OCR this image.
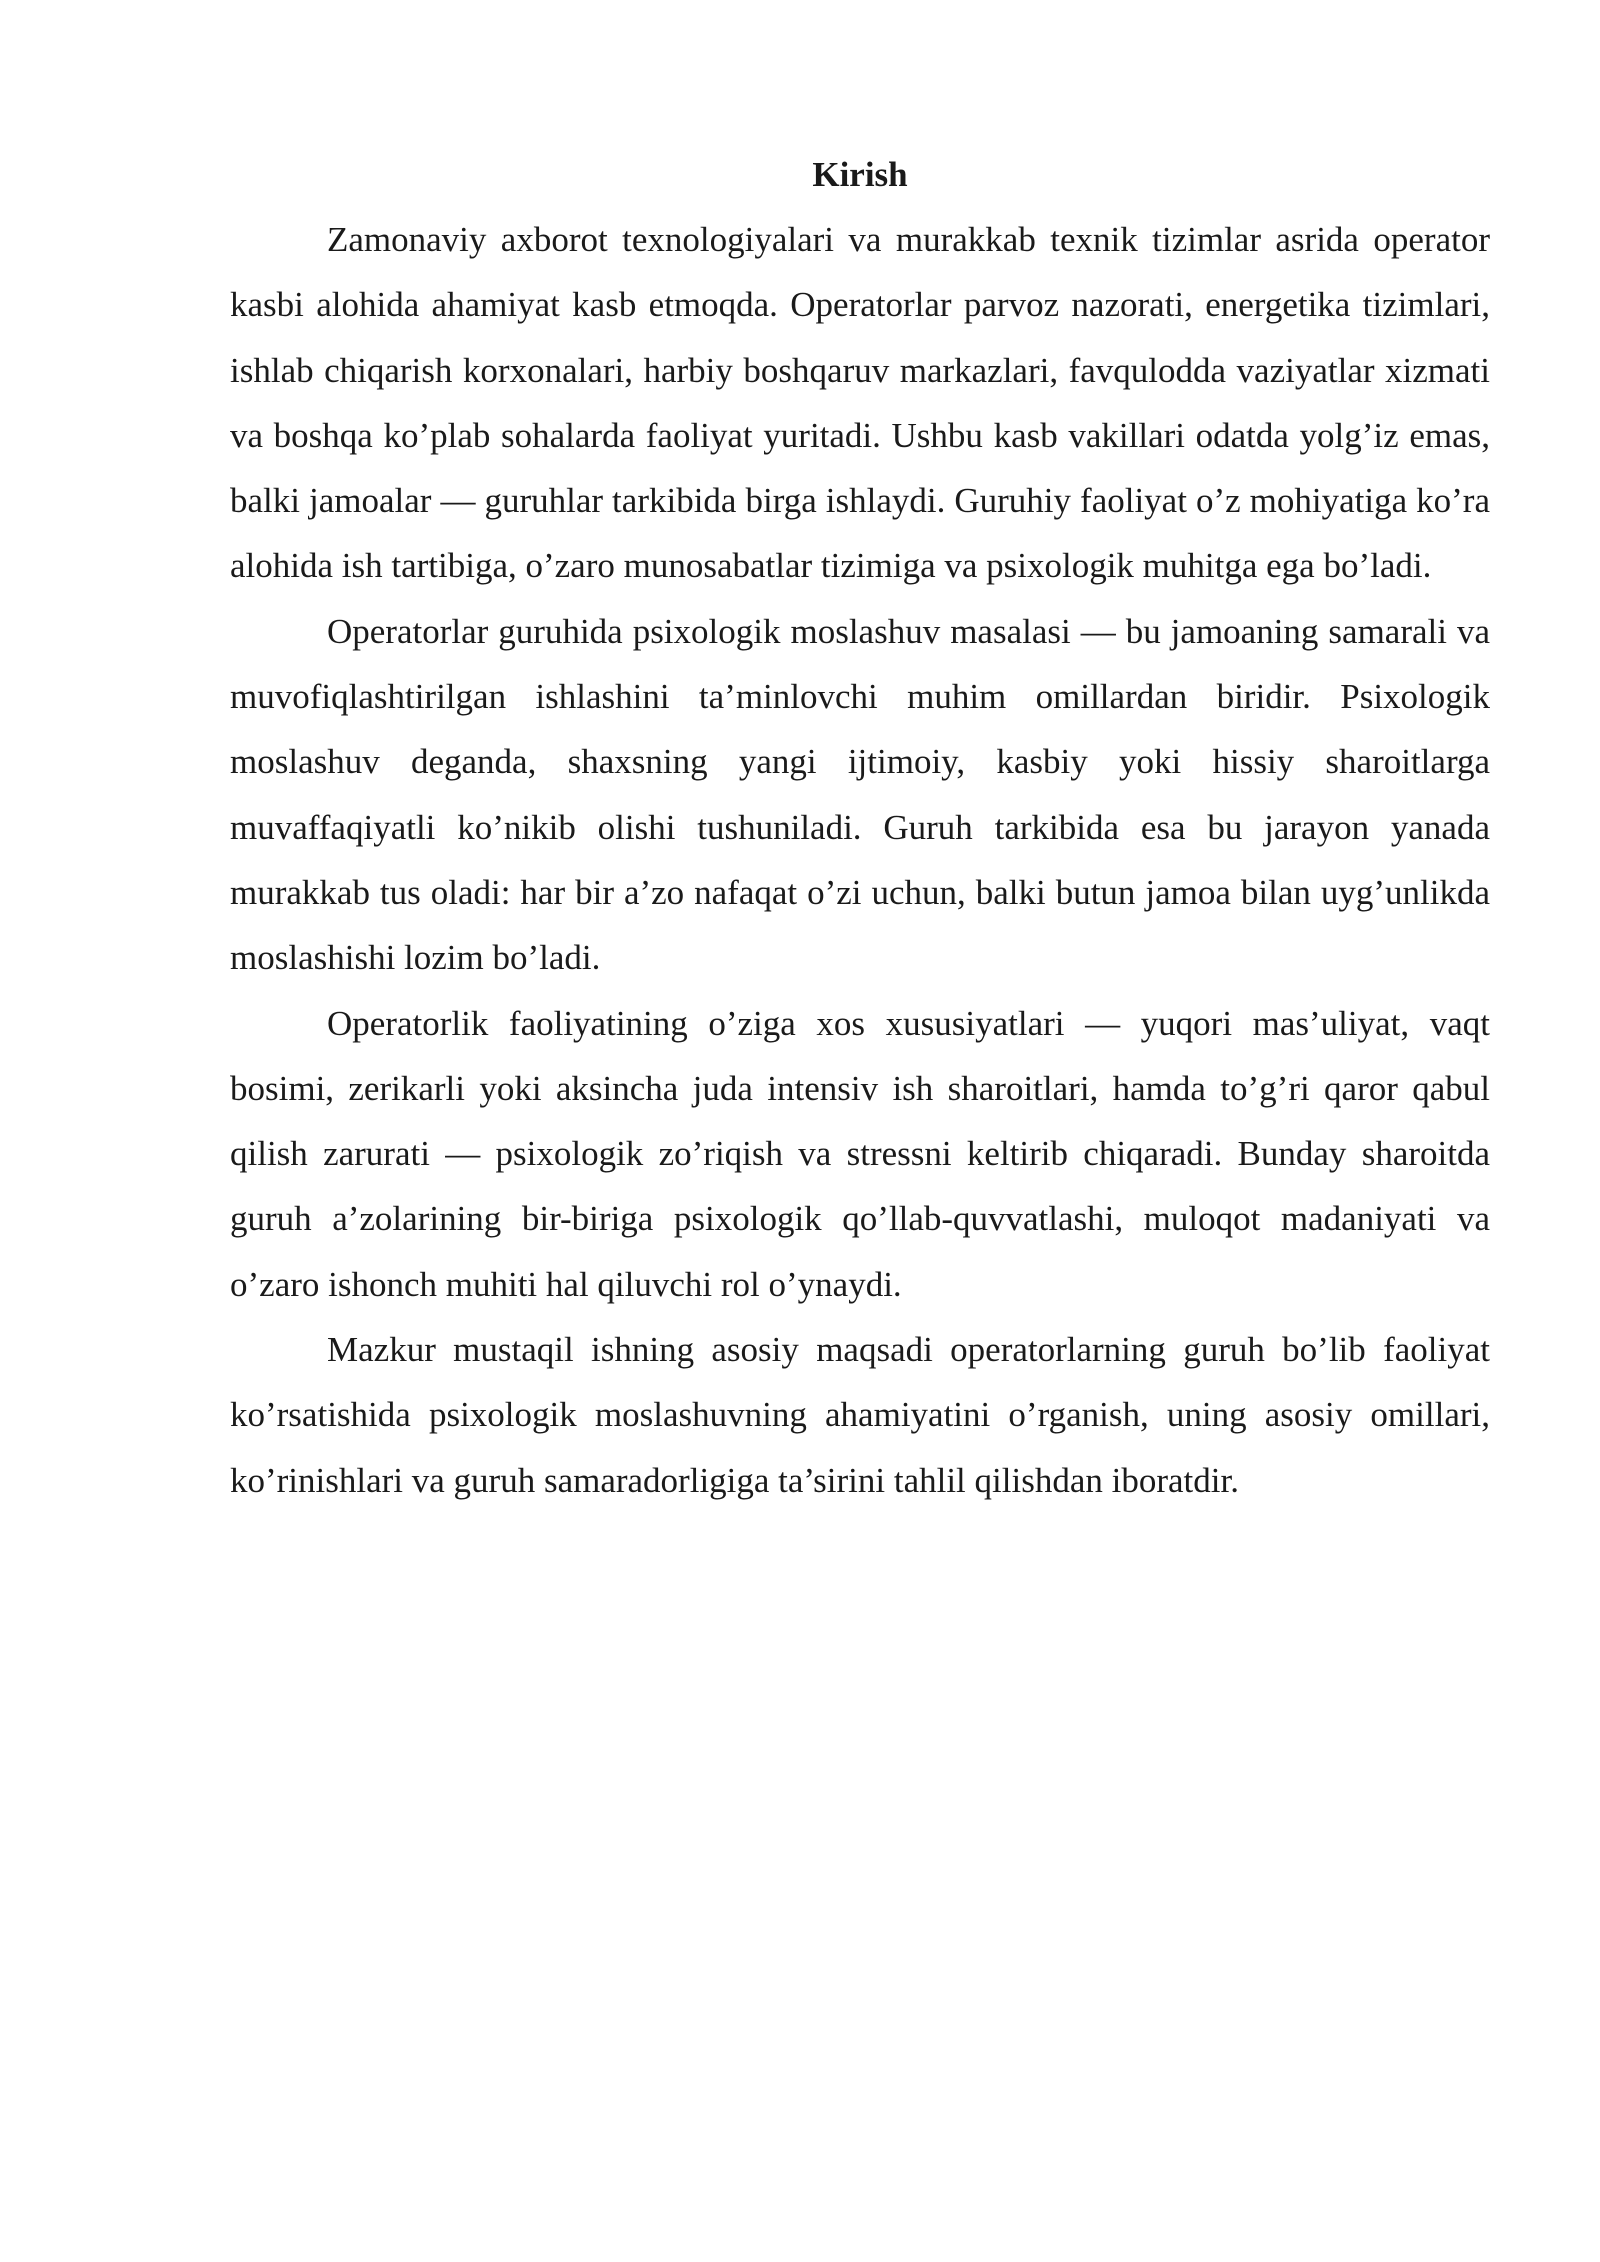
Kirish

Zamonaviy axborot texnologiyalari va murakkab texnik tizimlar asrida operator kasbi alohida ahamiyat kasb etmoqda. Operatorlar parvoz nazorati, energetika tizimlari, ishlab chiqarish korxonalari, harbiy boshqaruv markazlari, favqulodda vaziyatlar xizmati va boshqa ko’plab sohalarda faoliyat yuritadi. Ushbu kasb vakillari odatda yolg’iz emas, balki jamoalar — guruhlar tarkibida birga ishlaydi. Guruhiy faoliyat o’z mohiyatiga ko’ra alohida ish tartibiga, o’zaro munosabatlar tizimiga va psixologik muhitga ega bo’ladi.

Operatorlar guruhida psixologik moslashuv masalasi — bu jamoaning samarali va muvofiqlashtirilgan ishlashini ta’minlovchi muhim omillardan biridir. Psixologik moslashuv deganda, shaxsning yangi ijtimoiy, kasbiy yoki hissiy sharoitlarga muvaffaqiyatli ko’nikib olishi tushuniladi. Guruh tarkibida esa bu jarayon yanada murakkab tus oladi: har bir a’zo nafaqat o’zi uchun, balki butun jamoa bilan uyg’unlikda moslashishi lozim bo’ladi.

Operatorlik faoliyatining o’ziga xos xususiyatlari — yuqori mas’uliyat, vaqt bosimi, zerikarli yoki aksincha juda intensiv ish sharoitlari, hamda to’g’ri qaror qabul qilish zarurati — psixologik zo’riqish va stressni keltirib chiqaradi. Bunday sharoitda guruh a’zolarining bir-biriga psixologik qo’llab-quvvatlashi, muloqot madaniyati va o’zaro ishonch muhiti hal qiluvchi rol o’ynaydi.

Mazkur mustaqil ishning asosiy maqsadi operatorlarning guruh bo’lib faoliyat ko’rsatishida psixologik moslashuvning ahamiyatini o’rganish, uning asosiy omillari, ko’rinishlari va guruh samaradorligiga ta’sirini tahlil qilishdan iboratdir.
